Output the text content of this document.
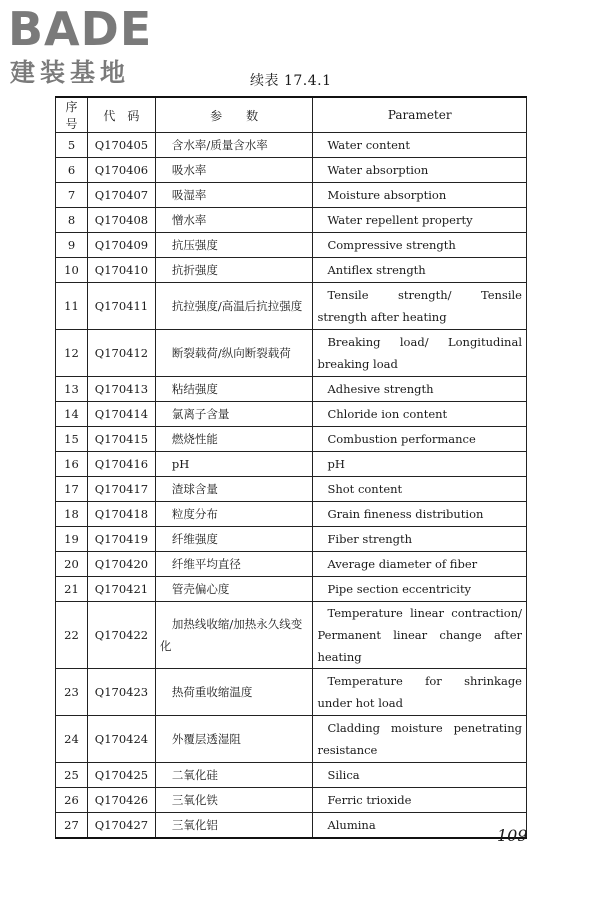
BADE
建装基地	续表 17.4.1
序号	代　码	参　　数	Parameter
5	Q170405	含水率/质量含水率	Water content

6	Q170406	吸水率	Water absorption

7	Q170407	吸湿率	Moisture absorption

8	Q170408	憎水率	Water repellent property

9	Q170409	抗压强度	Compressive strength

10	Q170410	抗折强度	Antiflex strength

11	Q170411	抗拉强度/高温后抗拉强度	Tensile strength/ Tensile strength after heating

12	Q170412	断裂载荷/纵向断裂载荷	Breaking load/ Longitudinal breaking load

13	Q170413	粘结强度	Adhesive strength

14	Q170414	氯离子含量	Chloride ion content

15	Q170415	燃烧性能	Combustion performance

16	Q170416	pH	pH

17	Q170417	渣球含量	Shot content

18	Q170418	粒度分布	Grain fineness distribution

19	Q170419	纤维强度	Fiber strength

20	Q170420	纤维平均直径	Average diameter of fiber

21	Q170421	管壳偏心度	Pipe section eccentricity

22	Q170422	加热线收缩/加热永久线变化	Temperature linear contraction/ Permanent linear change after heating

23	Q170423	热荷重收缩温度	Temperature for shrinkage under hot load

24	Q170424	外覆层透湿阻	Cladding moisture penetrating resistance

25	Q170425	二氧化硅	Silica

26	Q170426	三氧化铁	Ferric trioxide

27	Q170427	三氧化铝	Alumina
109
